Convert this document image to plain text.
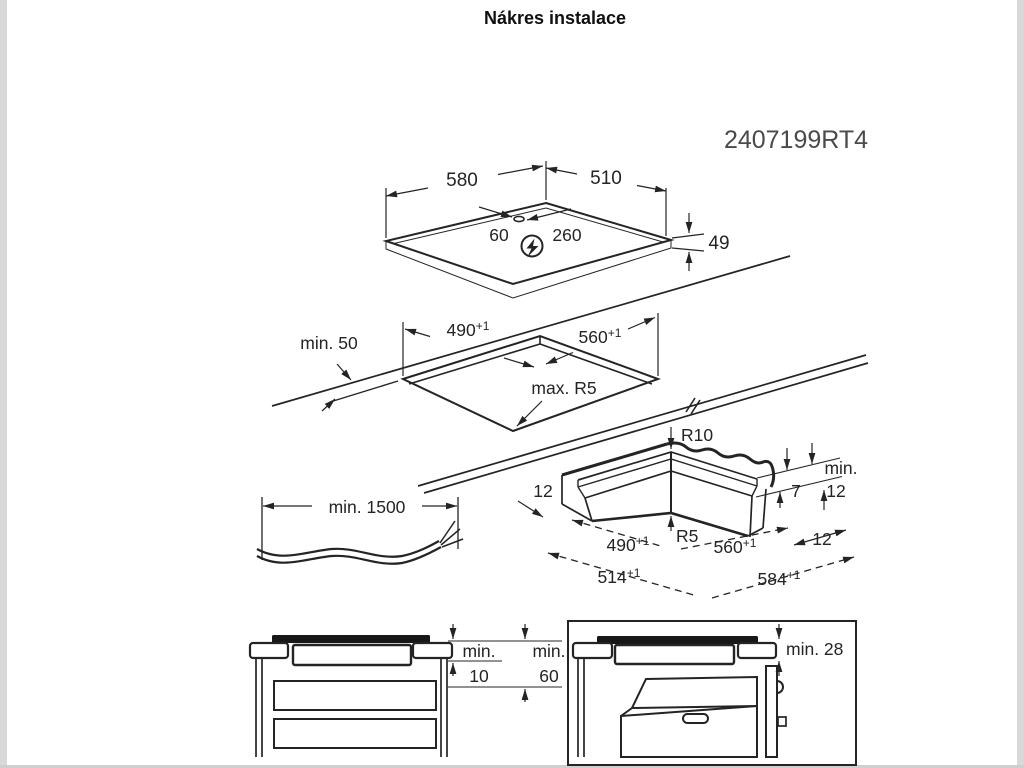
Nákres instalace
2407199RT4
580	510
60 260	49
$490^{+1}$
$560^{+1}$
max. R5
min. 50
R10
R5
12	7
min.
12
$490^{+1}$	$560^{+1}$	12
$514^{+1}$	$584^{+1}$
min. 1500
min. min.
10	60
min. 28
